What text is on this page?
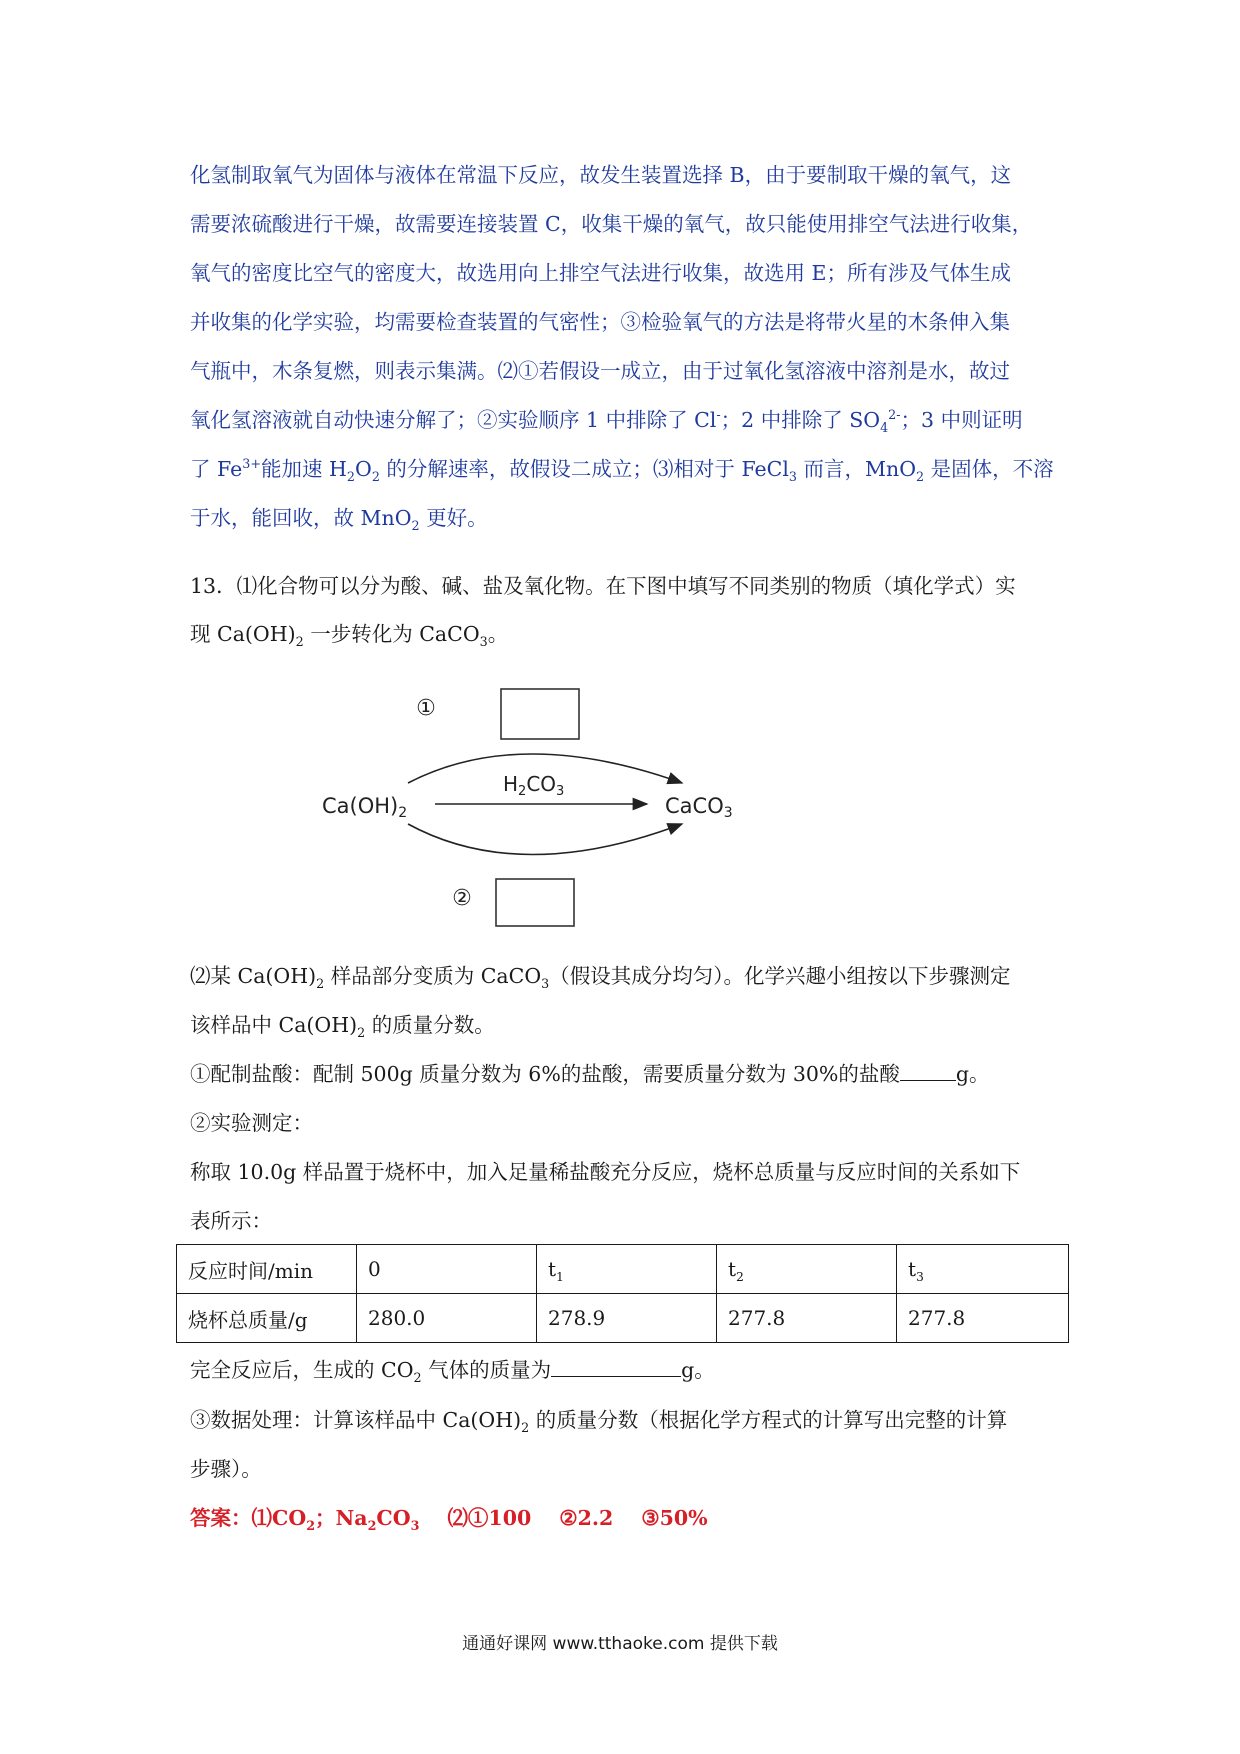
化氢制取氧气为固体与液体在常温下反应，故发生装置选择 B，由于要制取干燥的氧气，这
需要浓硫酸进行干燥，故需要连接装置 C，收集干燥的氧气，故只能使用排空气法进行收集，
氧气的密度比空气的密度大，故选用向上排空气法进行收集，故选用 E；所有涉及气体生成
并收集的化学实验，均需要检查装置的气密性；③检验氧气的方法是将带火星的木条伸入集
气瓶中，木条复燃，则表示集满。⑵①若假设一成立，由于过氧化氢溶液中溶剂是水，故过
氧化氢溶液就自动快速分解了；②实验顺序 1 中排除了 Cl-；2 中排除了 $SO_4^{2-}$；3 中则证明
了 $Fe^{3+}$能加速 $H_2O_2$ 的分解速率，故假设二成立；⑶相对于 FeCl$_3$ 而言，MnO$_2$ 是固体，不溶
于水，能回收，故 MnO$_2$ 更好。
13．⑴化合物可以分为酸、碱、盐及氧化物。在下图中填写不同类别的物质（填化学式）实
现 $Ca(OH)_2$ 一步转化为 CaCO$_3$。
①
Ca(OH)2
$H_2CO_3$
CaCO3
②
⑵某 $Ca(OH)_2$ 样品部分变质为 CaCO$_3$（假设其成分均匀）。化学兴趣小组按以下步骤测定
该样品中 $Ca(OH)_2$ 的质量分数。
①配制盐酸：配制 500g 质量分数为 6%的盐酸，需要质量分数为 30%的盐酸	g。
②实验测定：
称取 10.0g 样品置于烧杯中，加入足量稀盐酸充分反应，烧杯总质量与反应时间的关系如下
表所示：
反应时间/min	0	$t_1$	$t_2$	$t_3$
烧杯总质量/g	280.0	278.9	277.8	277.8
完全反应后，生成的 $CO_2$ 气体的质量为	g。
③数据处理：计算该样品中 $Ca(OH)_2$ 的质量分数（根据化学方程式的计算写出完整的计算
步骤）。
答案：$⑴CO_2$；$Na_2CO_3$ ⑵①100 ②2.2 ③50%
通通好课网 www.tthaoke.com 提供下载
